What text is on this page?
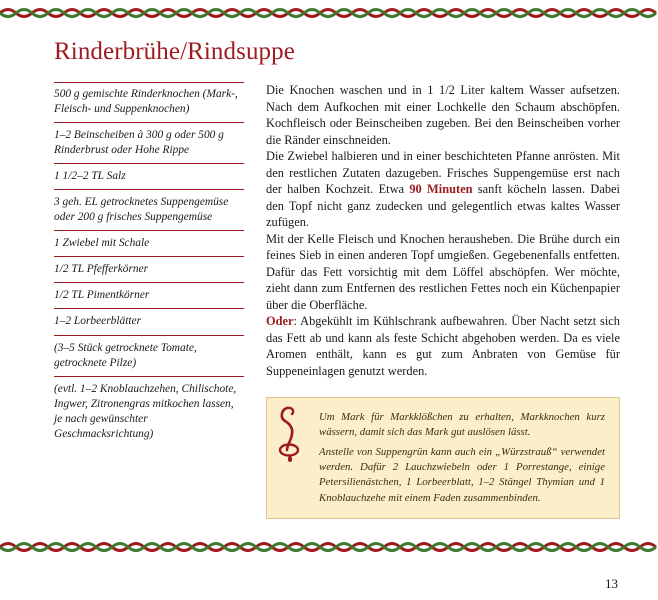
Rinderbrühe/Rindsuppe
500 g gemischte Rinderknochen (Mark-, Fleisch- und Suppenknochen)
1–2 Beinscheiben à 300 g oder 500 g Rinderbrust oder Hohe Rippe
1 1/2–2 TL Salz
3 geh. EL getrocknetes Suppengemüse oder 200 g frisches Suppengemüse
1 Zwiebel mit Schale
1/2 TL Pfefferkörner
1/2 TL Pimentkörner
1–2 Lorbeerblätter
(3–5 Stück getrocknete Tomate, getrocknete Pilze)
(evtl. 1–2 Knoblauchzehen, Chilischote, Ingwer, Zitronengras mitkochen lassen, je nach gewünschter Geschmacksrichtung)

Die Knochen waschen und in 1 1/2 Liter kaltem Wasser aufsetzen. Nach dem Aufkochen mit einer Lochkelle den Schaum abschöpfen. Kochfleisch oder Beinscheiben zugeben. Bei den Beinscheiben vorher die Ränder einschneiden.

Die Zwiebel halbieren und in einer beschichteten Pfanne anrösten. Mit den restlichen Zutaten dazugeben. Frisches Suppengemüse erst nach der halben Kochzeit. Etwa 90 Minuten sanft köcheln lassen. Dabei den Topf nicht ganz zudecken und gelegentlich etwas kaltes Wasser zufügen.

Mit der Kelle Fleisch und Knochen herausheben. Die Brühe durch ein feines Sieb in einen anderen Topf umgießen. Gegebenenfalls entfetten. Dafür das Fett vorsichtig mit dem Löffel abschöpfen. Wer möchte, zieht dann zum Entfernen des restlichen Fettes noch ein Küchenpapier über die Oberfläche.

Oder: Abgekühlt im Kühlschrank aufbewahren. Über Nacht setzt sich das Fett ab und kann als feste Schicht abgehoben werden. Da es viele Aromen enthält, kann es gut zum Anbraten von Gemüse für Suppeneinlagen genutzt werden.

Um Mark für Markklößchen zu erhalten, Markknochen kurz wässern, damit sich das Mark gut auslösen lässt.

Anstelle von Suppengrün kann auch ein „Würzstrauß“ verwendet werden. Dafür 2 Lauchzwiebeln oder 1 Porrestange, einige Petersilienästchen, 1 Lorbeerblatt, 1–2 Stängel Thymian und 1 Knoblauchzehe mit einem Faden zusammenbinden.

13
